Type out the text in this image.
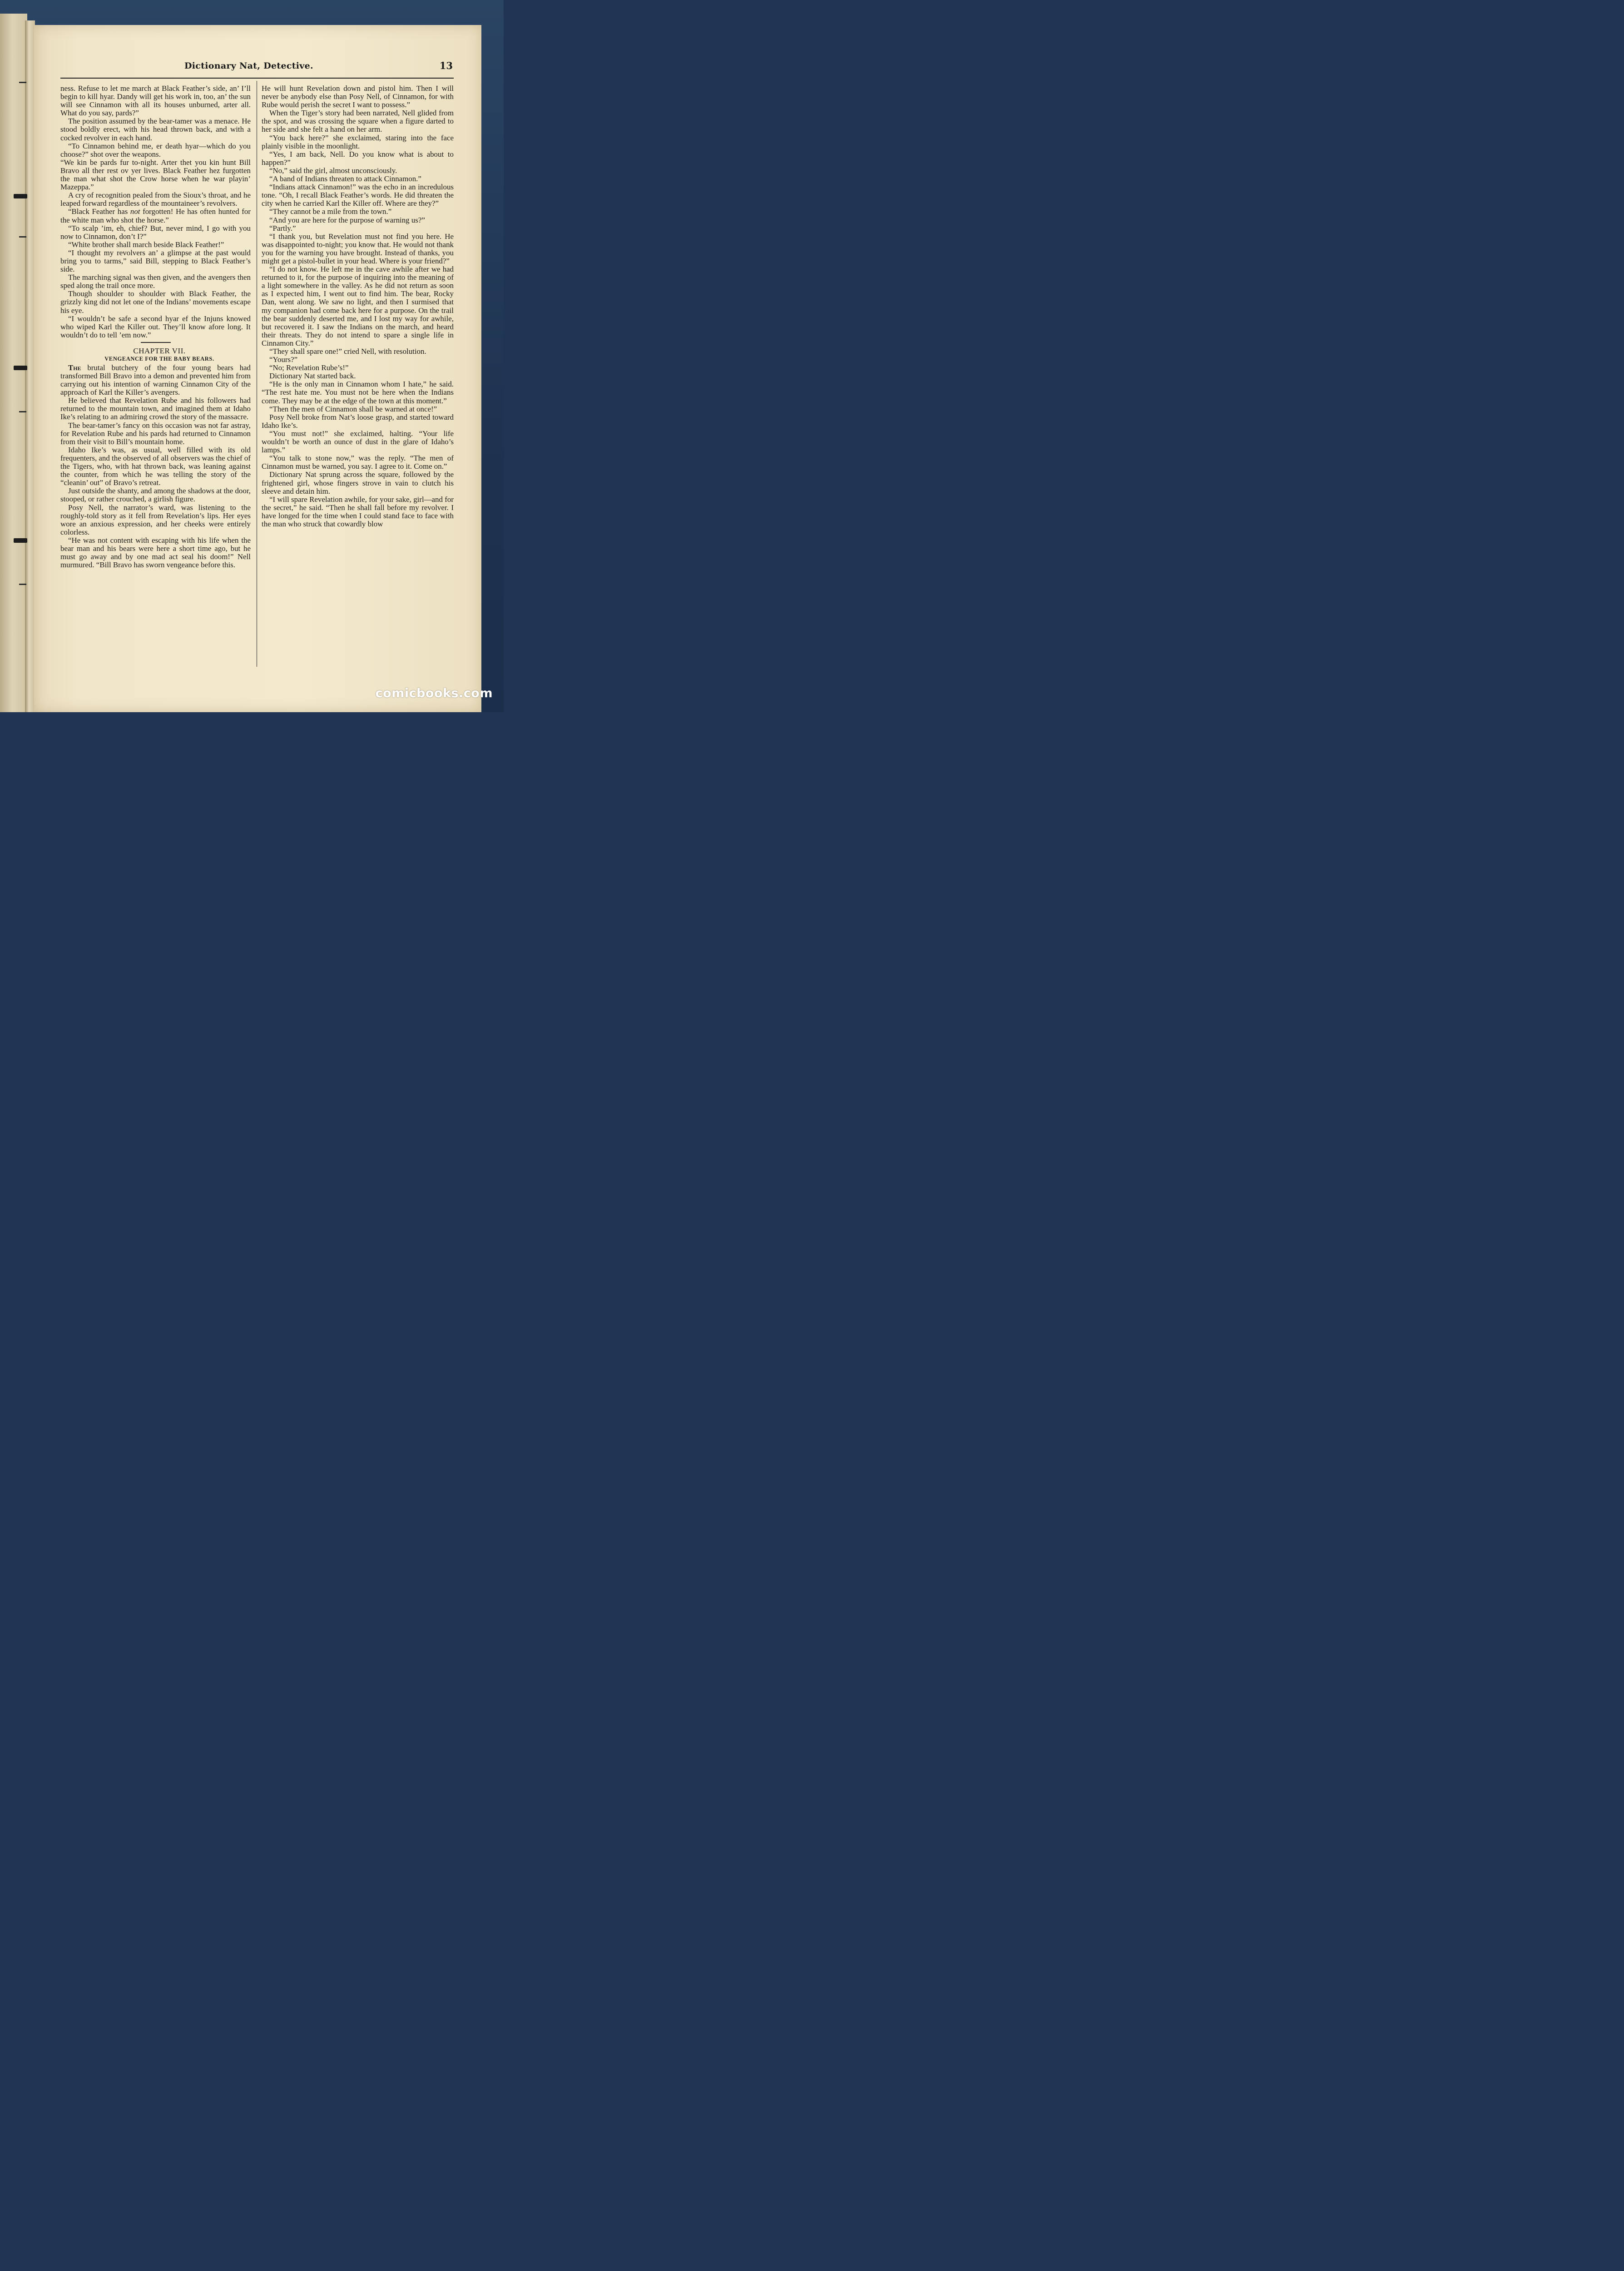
Dictionary Nat, Detective.	13

ness. Refuse to let me march at Black Feather’s side, an’ I’ll begin to kill hyar. Dandy will get his work in, too, an’ the sun will see Cinnamon with all its houses unburned, arter all. What do you say, pards?”

The position assumed by the bear-tamer was a menace. He stood boldly erect, with his head thrown back, and with a cocked revolver in each hand.

“To Cinnamon behind me, er death hyar—which do you choose?” shot over the weapons.

“We kin be pards fur to-night. Arter thet you kin hunt Bill Bravo all ther rest ov yer lives. Black Feather hez furgotten the man what shot the Crow horse when he war playin’ Mazeppa.”

A cry of recognition pealed from the Sioux’s throat, and he leaped forward regardless of the mountaineer’s revolvers.

“Black Feather has not forgotten! He has often hunted for the white man who shot the horse.”

“To scalp ’im, eh, chief? But, never mind, I go with you now to Cinnamon, don’t I?”

“White brother shall march beside Black Feather!”

“I thought my revolvers an’ a glimpse at the past would bring you to tarms,” said Bill, stepping to Black Feather’s side.

The marching signal was then given, and the avengers then sped along the trail once more.

Though shoulder to shoulder with Black Feather, the grizzly king did not let one of the Indians’ movements escape his eye.

“I wouldn’t be safe a second hyar ef the Injuns knowed who wiped Karl the Killer out. They’ll know afore long. It wouldn’t do to tell ’em now.”

CHAPTER VII.

VENGEANCE FOR THE BABY BEARS.

The brutal butchery of the four young bears had transformed Bill Bravo into a demon and prevented him from carrying out his intention of warning Cinnamon City of the approach of Karl the Killer’s avengers.

He believed that Revelation Rube and his followers had returned to the mountain town, and imagined them at Idaho Ike’s relating to an admiring crowd the story of the massacre.

The bear-tamer’s fancy on this occasion was not far astray, for Revelation Rube and his pards had returned to Cinnamon from their visit to Bill’s mountain home.

Idaho Ike’s was, as usual, well filled with its old frequenters, and the observed of all observers was the chief of the Tigers, who, with hat thrown back, was leaning against the counter, from which he was telling the story of the “cleanin’ out” of Bravo’s retreat.

Just outside the shanty, and among the shadows at the door, stooped, or rather crouched, a girlish figure.

Posy Nell, the narrator’s ward, was listening to the roughly-told story as it fell from Revelation’s lips. Her eyes wore an anxious expression, and her cheeks were entirely colorless.

“He was not content with escaping with his life when the bear man and his bears were here a short time ago, but he must go away and by one mad act seal his doom!” Nell murmured. “Bill Bravo has sworn vengeance before this.

He will hunt Revelation down and pistol him. Then I will never be anybody else than Posy Nell, of Cinnamon, for with Rube would perish the secret I want to possess.”

When the Tiger’s story had been narrated, Nell glided from the spot, and was crossing the square when a figure darted to her side and she felt a hand on her arm.

“You back here?” she exclaimed, staring into the face plainly visible in the moonlight.

“Yes, I am back, Nell. Do you know what is about to happen?”

“No,” said the girl, almost unconsciously.

“A band of Indians threaten to attack Cinnamon.”

“Indians attack Cinnamon!” was the echo in an incredulous tone. “Oh, I recall Black Feather’s words. He did threaten the city when he carried Karl the Killer off. Where are they?”

“They cannot be a mile from the town.”

“And you are here for the purpose of warning us?”

“Partly.”

“I thank you, but Revelation must not find you here. He was disappointed to-night; you know that. He would not thank you for the warning you have brought. Instead of thanks, you might get a pistol-bullet in your head. Where is your friend?”

“I do not know. He left me in the cave awhile after we had returned to it, for the purpose of inquiring into the meaning of a light somewhere in the valley. As he did not return as soon as I expected him, I went out to find him. The bear, Rocky Dan, went along. We saw no light, and then I surmised that my companion had come back here for a purpose. On the trail the bear suddenly deserted me, and I lost my way for awhile, but recovered it. I saw the Indians on the march, and heard their threats. They do not intend to spare a single life in Cinnamon City.”

“They shall spare one!” cried Nell, with resolution.

“Yours?”

“No; Revelation Rube’s!”

Dictionary Nat started back.

“He is the only man in Cinnamon whom I hate,” he said. “The rest hate me. You must not be here when the Indians come. They may be at the edge of the town at this moment.”

“Then the men of Cinnamon shall be warned at once!”

Posy Nell broke from Nat’s loose grasp, and started toward Idaho Ike’s.

“You must not!” she exclaimed, halting. “Your life wouldn’t be worth an ounce of dust in the glare of Idaho’s lamps.”

“You talk to stone now,” was the reply. “The men of Cinnamon must be warned, you say. I agree to it. Come on.”

Dictionary Nat sprung across the square, followed by the frightened girl, whose fingers strove in vain to clutch his sleeve and detain him.

“I will spare Revelation awhile, for your sake, girl—and for the secret,” he said. “Then he shall fall before my revolver. I have longed for the time when I could stand face to face with the man who struck that cowardly blow

comicbooks.com
